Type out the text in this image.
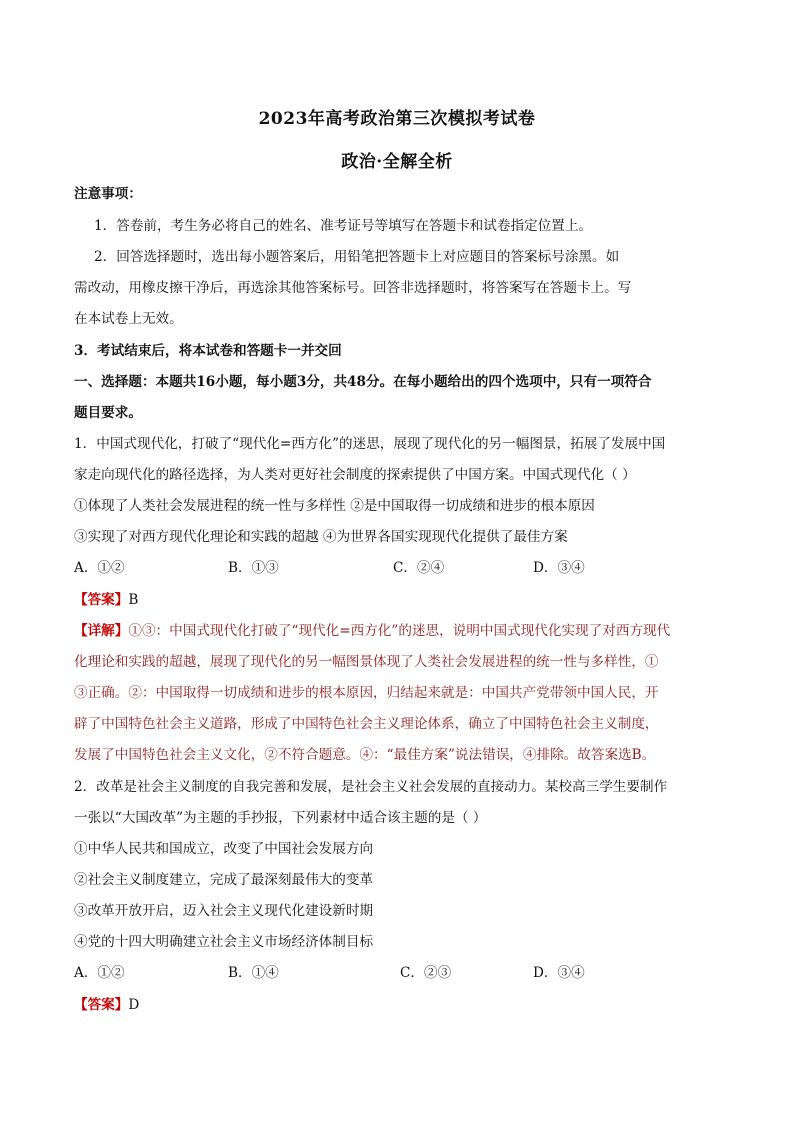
2023年高考政治第三次模拟考试卷
政治·全解全析
注意事项：
1．答卷前，考生务必将自己的姓名、准考证号等填写在答题卡和试卷指定位置上。
2．回答选择题时，选出每小题答案后，用铅笔把答题卡上对应题目的答案标号涂黑。如
需改动，用橡皮擦干净后，再选涂其他答案标号。回答非选择题时，将答案写在答题卡上。写
在本试卷上无效。
3．考试结束后，将本试卷和答题卡一并交回
一、选择题：本题共16小题，每小题3分，共48分。在每小题给出的四个选项中，只有一项符合
题目要求。
1．中国式现代化，打破了“现代化=西方化”的迷思，展现了现代化的另一幅图景，拓展了发展中国
家走向现代化的路径选择，为人类对更好社会制度的探索提供了中国方案。中国式现代化（ ）
①体现了人类社会发展进程的统一性与多样性 ②是中国取得一切成绩和进步的根本原因
③实现了对西方现代化理论和实践的超越 ④为世界各国实现现代化提供了最佳方案
A．①②	B．①③	C．②④	D．③④
【答案】B
【详解】①③：中国式现代化打破了“现代化=西方化”的迷思，说明中国式现代化实现了对西方现代
化理论和实践的超越，展现了现代化的另一幅图景体现了人类社会发展进程的统一性与多样性，①
③正确。②：中国取得一切成绩和进步的根本原因，归结起来就是：中国共产党带领中国人民，开
辟了中国特色社会主义道路，形成了中国特色社会主义理论体系，确立了中国特色社会主义制度，
发展了中国特色社会主义文化，②不符合题意。④：“最佳方案”说法错误，④排除。故答案选B。
2．改革是社会主义制度的自我完善和发展，是社会主义社会发展的直接动力。某校高三学生要制作
一张以“大国改革”为主题的手抄报，下列素材中适合该主题的是（ ）
①中华人民共和国成立，改变了中国社会发展方向
②社会主义制度建立，完成了最深刻最伟大的变革
③改革开放开启，迈入社会主义现代化建设新时期
④党的十四大明确建立社会主义市场经济体制目标
A．①②	B．①④	C．②③	D．③④
【答案】D
